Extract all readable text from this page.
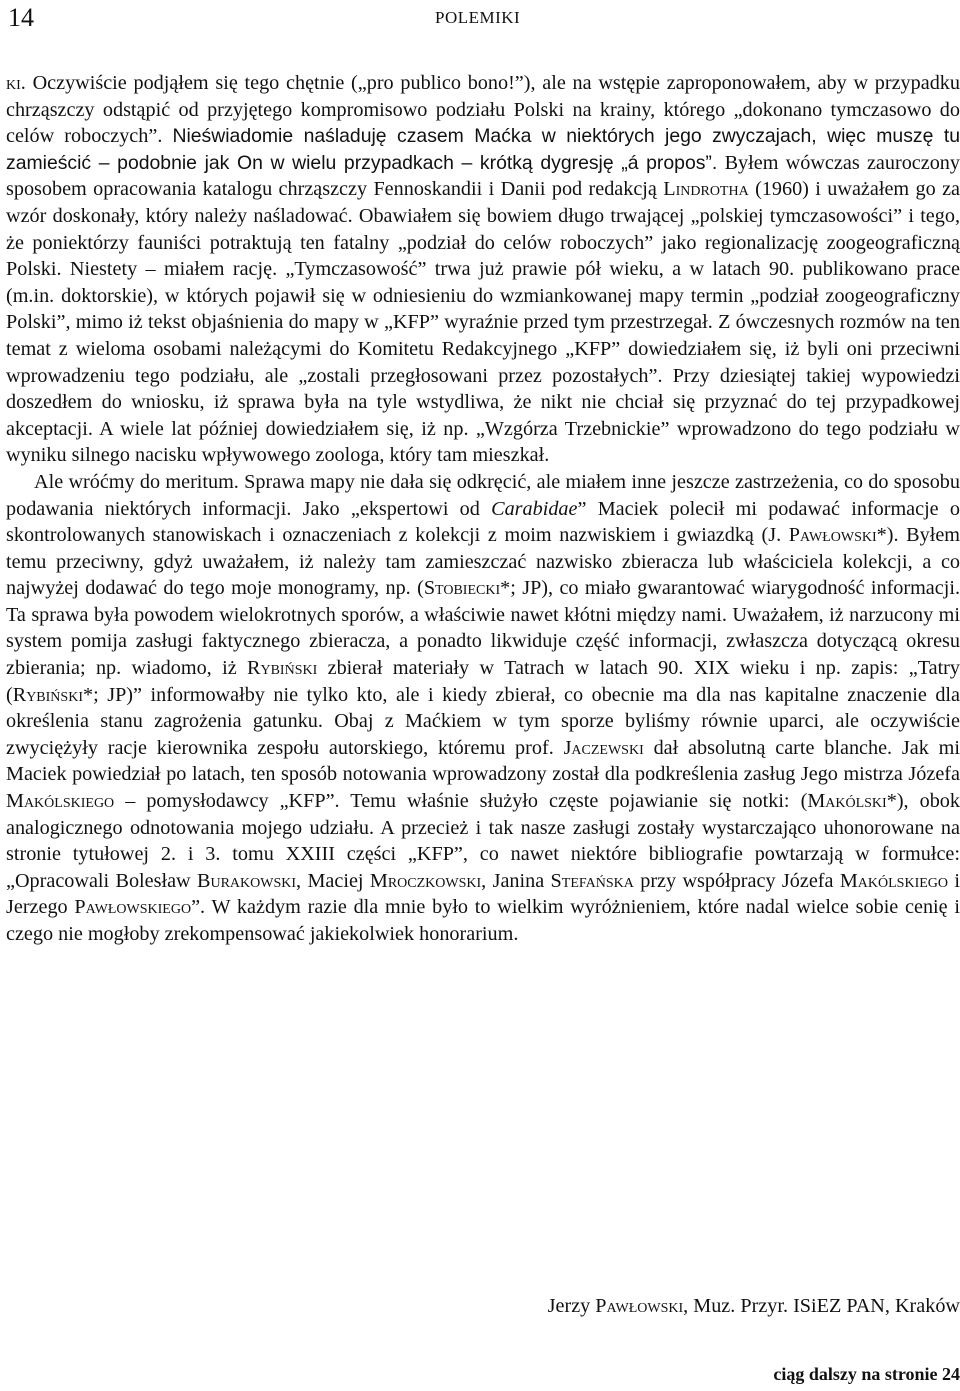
14	POLEMIKI

ki. Oczywiście podjąłem się tego chętnie („pro publico bono!”), ale na wstępie zaproponowałem, aby w przypadku chrząszczy odstąpić od przyjętego kompromisowo podziału Polski na krainy, którego „dokonano tymczasowo do celów roboczych”. Nieświadomie naśladuję czasem Maćka w niektórych jego zwyczajach, więc muszę tu zamieścić – podobnie jak On w wielu przypadkach – krótką dygresję „á propos”. Byłem wówczas zauroczony sposobem opracowania katalogu chrząszczy Fennoskandii i Danii pod redakcją Lindrotha (1960) i uważałem go za wzór doskonały, który należy naśladować. Obawiałem się bowiem długo trwającej „polskiej tymczasowości” i tego, że poniektórzy fauniści potraktują ten fatalny „podział do celów roboczych” jako regionalizację zoogeograficzną Polski. Niestety – miałem rację. „Tymczasowość” trwa już prawie pół wieku, a w latach 90. publikowano prace (m.in. doktorskie), w których pojawił się w odniesieniu do wzmiankowanej mapy termin „podział zoogeograficzny Polski”, mimo iż tekst objaśnienia do mapy w „KFP” wyraźnie przed tym przestrzegał. Z ówczesnych rozmów na ten temat z wieloma osobami należącymi do Komitetu Redakcyjnego „KFP” dowiedziałem się, iż byli oni przeciwni wprowadzeniu tego podziału, ale „zostali przegłosowani przez pozostałych”. Przy dziesiątej takiej wypowiedzi doszedłem do wniosku, iż sprawa była na tyle wstydliwa, że nikt nie chciał się przyznać do tej przypadkowej akceptacji. A wiele lat później dowiedziałem się, iż np. „Wzgórza Trzebnickie” wprowadzono do tego podziału w wyniku silnego nacisku wpływowego zoologa, który tam mieszkał.

Ale wróćmy do meritum. Sprawa mapy nie dała się odkręcić, ale miałem inne jeszcze zastrzeżenia, co do sposobu podawania niektórych informacji. Jako „ekspertowi od Carabidae” Maciek polecił mi podawać informacje o skontrolowanych stanowiskach i oznaczeniach z kolekcji z moim nazwiskiem i gwiazdką (J. Pawłowski*). Byłem temu przeciwny, gdyż uważałem, iż należy tam zamieszczać nazwisko zbieracza lub właściciela kolekcji, a co najwyżej dodawać do tego moje monogramy, np. (Stobiecki*; JP), co miało gwarantować wiarygodność informacji. Ta sprawa była powodem wielokrotnych sporów, a właściwie nawet kłótni między nami. Uważałem, iż narzucony mi system pomija zasługi faktycznego zbieracza, a ponadto likwiduje część informacji, zwłaszcza dotyczącą okresu zbierania; np. wiadomo, iż Rybiński zbierał materiały w Tatrach w latach 90. XIX wieku i np. zapis: „Tatry (Rybiński*; JP)” informowałby nie tylko kto, ale i kiedy zbierał, co obecnie ma dla nas kapitalne znaczenie dla określenia stanu zagrożenia gatunku. Obaj z Maćkiem w tym sporze byliśmy równie uparci, ale oczywiście zwyciężyły racje kierownika zespołu autorskiego, któremu prof. Jaczewski dał absolutną carte blanche. Jak mi Maciek powiedział po latach, ten sposób notowania wprowadzony został dla podkreślenia zasług Jego mistrza Józefa Makólskiego – pomysłodawcy „KFP”. Temu właśnie służyło częste pojawianie się notki: (Makólski*), obok analogicznego odnotowania mojego udziału. A przecież i tak nasze zasługi zostały wystarczająco uhonorowane na stronie tytułowej 2. i 3. tomu XXIII części „KFP”, co nawet niektóre bibliografie powtarzają w formułce: „Opracowali Bolesław Burakowski, Maciej Mroczkowski, Janina Stefańska przy współpracy Józefa Makólskiego i Jerzego Pawłowskiego”. W każdym razie dla mnie było to wielkim wyróżnieniem, które nadal wielce sobie cenię i czego nie mogłoby zrekompensować jakiekolwiek honorarium.

Jerzy Pawłowski, Muz. Przyr. ISiEZ PAN, Kraków
ciąg dalszy na stronie 24
